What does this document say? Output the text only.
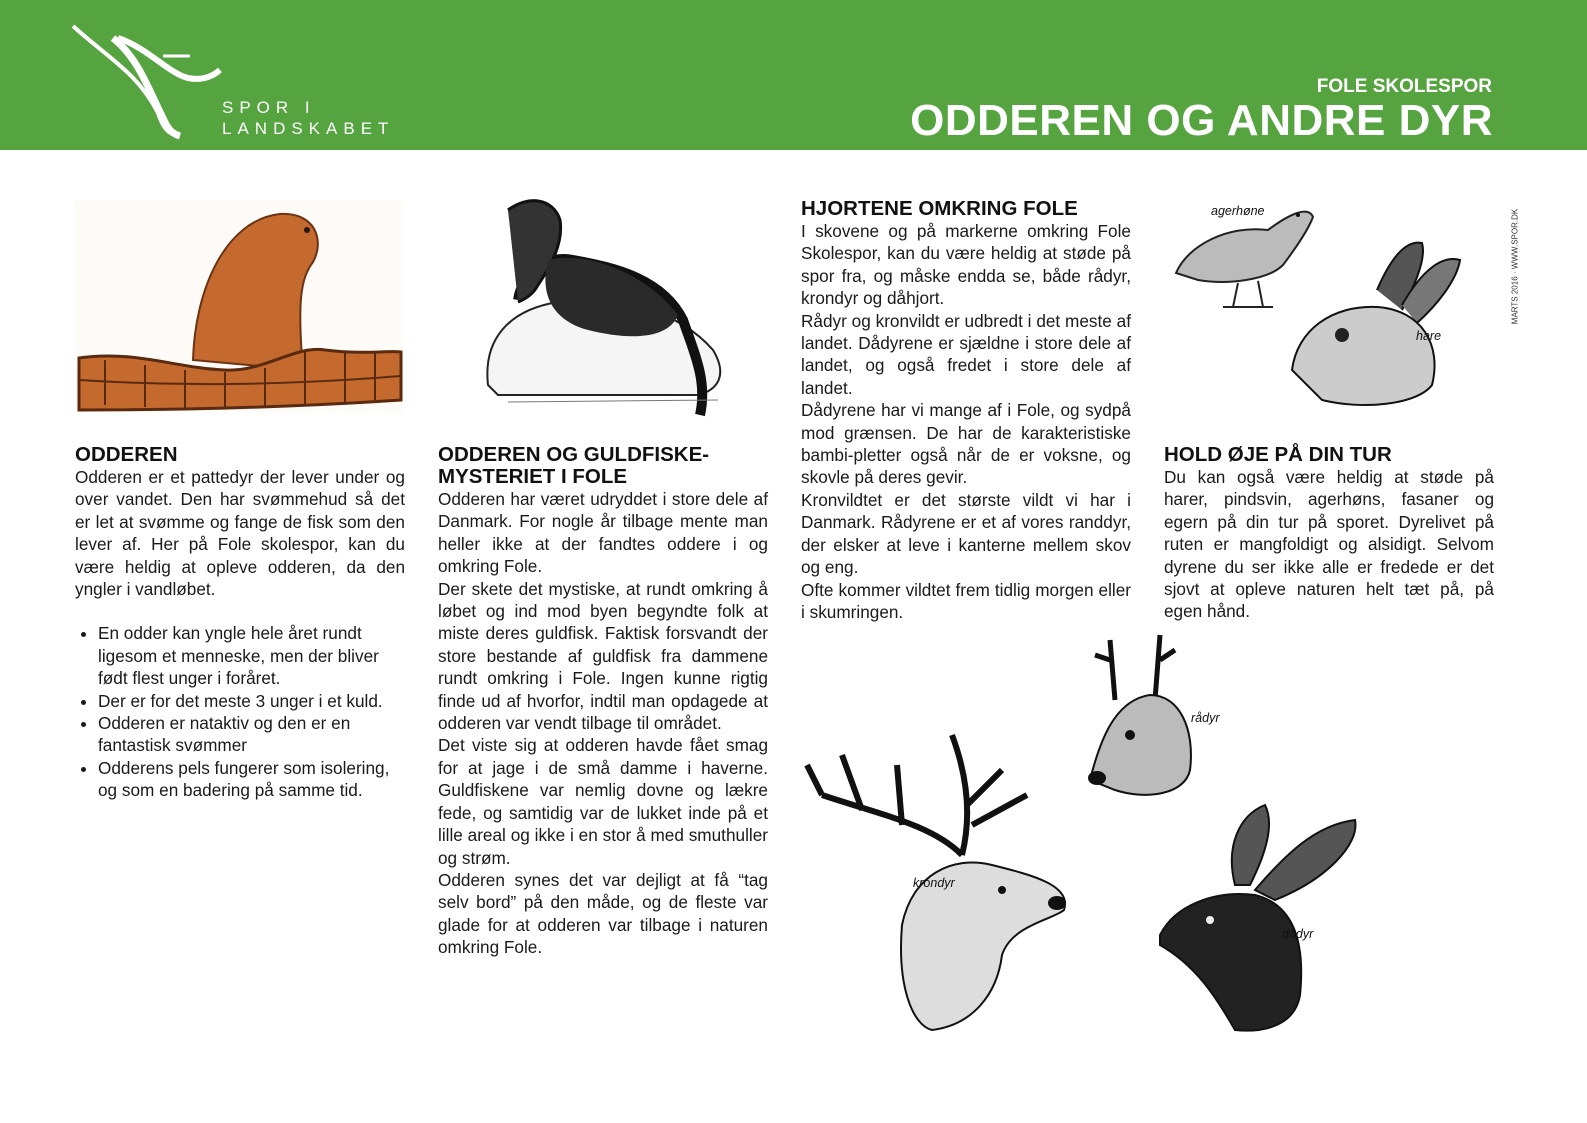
SPOR I
LANDSKABET
FOLE SKOLESPOR
ODDEREN OG ANDRE DYR
MARTS 2016 · WWW.SPOR.DK
agerhøne
hare
rådyr
krondyr
dådyr
ODDEREN

Odderen er et pattedyr der lever under og over vandet. Den har svømmehud så det er let at svømme og fange de fisk som den lever af. Her på Fole skolespor, kan du være heldig at opleve odderen, da den yngler i vandløbet.

• En odder kan yngle hele året rundt ligesom et menneske, men der bliver født flest unger i foråret.
• Der er for det meste 3 unger i et kuld.
• Odderen er nataktiv og den er en fantastisk svømmer
• Odderens pels fungerer som isolering, og som en badering på samme tid.
ODDEREN OG GULDFISKE-
MYSTERIET I FOLE

Odderen har været udryddet i store dele af Danmark. For nogle år tilbage mente man heller ikke at der fandtes oddere i og omkring Fole.

Der skete det mystiske, at rundt omkring å løbet og ind mod byen begyndte folk at miste deres guldfisk. Faktisk forsvandt der store bestande af guldfisk fra dammene rundt omkring i Fole. Ingen kunne rigtig finde ud af hvorfor, indtil man opdagede at odderen var vendt tilbage til området.

Det viste sig at odderen havde fået smag for at jage i de små damme i haverne. Guldfiskene var nemlig dovne og lækre fede, og samtidig var de lukket inde på et lille areal og ikke i en stor å med smuthuller og strøm.

Odderen synes det var dejligt at få “tag selv bord” på den måde, og de fleste var glade for at odderen var tilbage i naturen omkring Fole.

HJORTENE OMKRING FOLE

I skovene og på markerne omkring Fole Skolespor, kan du være heldig at støde på spor fra, og måske endda se, både rådyr, krondyr og dåhjort.

Rådyr og kronvildt er udbredt i det meste af landet. Dådyrene er sjældne i store dele af landet, og også fredet i store dele af landet.

Dådyrene har vi mange af i Fole, og sydpå mod grænsen. De har de karakteristiske bambi-pletter også når de er voksne, og skovle på deres gevir.

Kronvildtet er det største vildt vi har i Danmark. Rådyrene er et af vores randdyr, der elsker at leve i kanterne mellem skov og eng.

Ofte kommer vildtet frem tidlig morgen eller i skumringen.

HOLD ØJE PÅ DIN TUR

Du kan også være heldig at støde på harer, pindsvin, agerhøns, fasaner og egern på din tur på sporet. Dyrelivet på ruten er mangfoldigt og alsidigt. Selvom dyrene du ser ikke alle er fredede er det sjovt at opleve naturen helt tæt på, på egen hånd.
